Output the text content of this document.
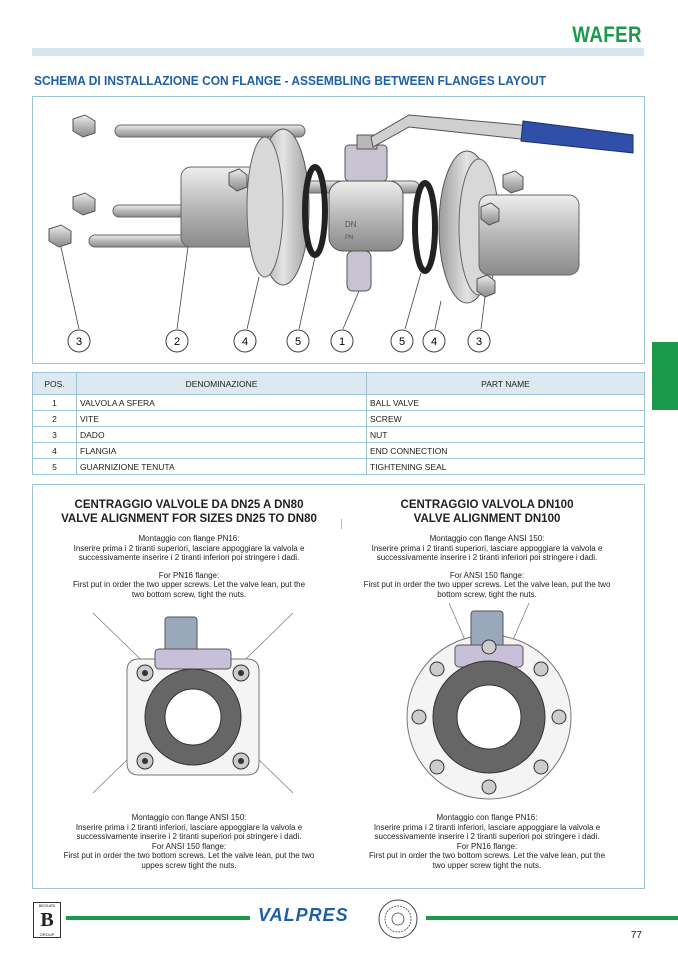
WAFER
SCHEMA DI INSTALLAZIONE CON FLANGE - ASSEMBLING BETWEEN FLANGES LAYOUT
DN
PN
3	2	4	5	1	5 4	3
POS.	DENOMINAZIONE	PART NAME
1	VALVOLA A SFERA	BALL VALVE
2	VITE	SCREW
3	DADO	NUT
4	FLANGIA	END CONNECTION
5	GUARNIZIONE TENUTA	TIGHTENING SEAL
CENTRAGGIO VALVOLE DA DN25 A DN80
VALVE ALIGNMENT FOR SIZES DN25 TO DN80

Montaggio con flange PN16:

Inserire prima i 2 tiranti superiori, lasciare appoggiare la valvola e

successivamente inserire i 2 tiranti inferiori poi stringere i dadi.

For PN16 flange:

First put in order the two upper screws. Let the valve lean, put the

two bottom screw, tight the nuts.

CENTRAGGIO VALVOLA DN100
VALVE ALIGNMENT DN100

Montaggio con flange ANSI 150:

Inserire prima i 2 tiranti superiori, lasciare appoggiare la valvola e

successivamente inserire i 2 tiranti inferiori poi stringere i dadi.

For ANSI 150 flange:

First put in order the two upper screws. Let the valve lean, put the two

bottom screw, tight the nuts.

Montaggio con flange ANSI 150:

Inserire prima i 2 tiranti inferiori, lasciare appoggiare la valvola e

successivamente inserire i 2 tiranti superiori poi stringere i dadi.

For ANSI 150 flange:

First put in order the two bottom screws. Let the valve lean, put the two

uppes screw tight the nuts.

Montaggio con flange PN16:

Inserire prima i 2 tiranti inferiori, lasciare appoggiare la valvola e

successivamente inserire i 2 tiranti superiori poi stringere i dadi.

For PN16 flange:

First put in order the two bottom screws. Let the valve lean, put the

two upper screw tight the nuts.

BEGUIRI
B
GROUP
VALPRES
77
